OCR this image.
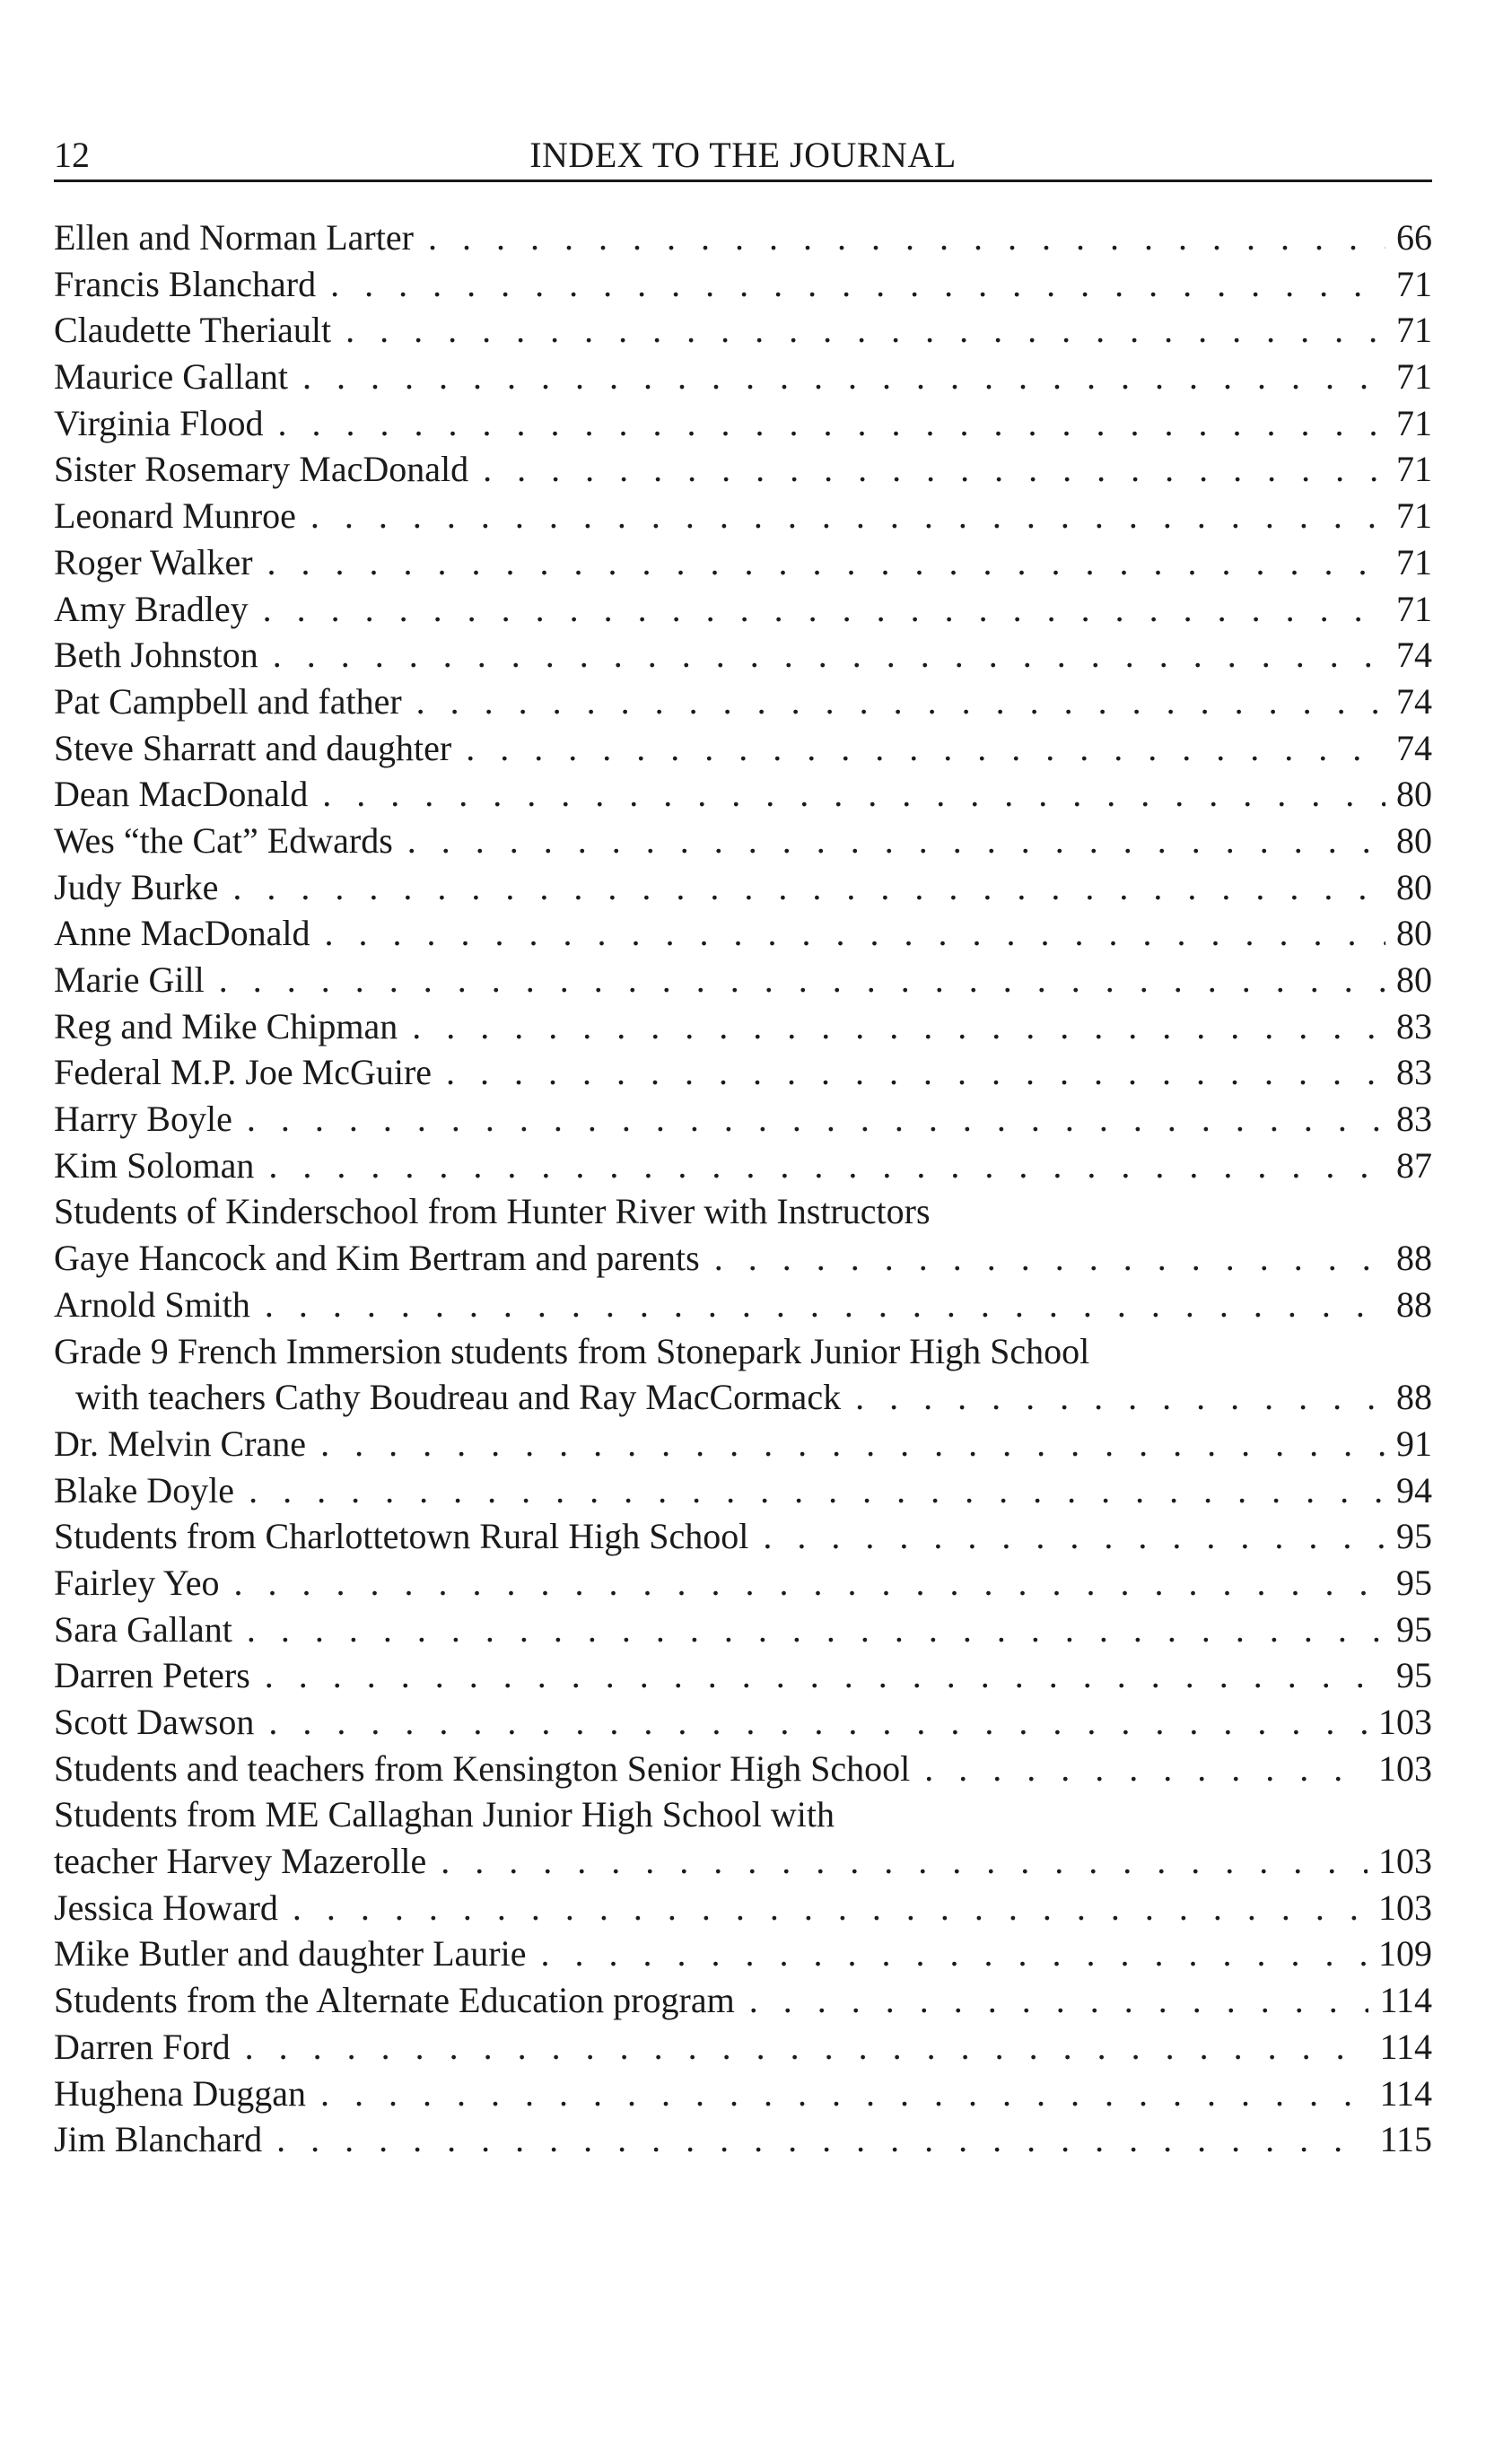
12	INDEX TO THE JOURNAL
Ellen and Norman Larter . . .	66
Francis Blanchard . . .	71
Claudette Theriault . . .	71
Maurice Gallant . . .	71
Virginia Flood . . .	71
Sister Rosemary MacDonald . . .	71
Leonard Munroe . . .	71
Roger Walker . . .	71
Amy Bradley . . .	71
Beth Johnston . . .	74
Pat Campbell and father . . .	74
Steve Sharratt and daughter . . .	74
Dean MacDonald . . .	80
Wes “the Cat” Edwards . . .	80
Judy Burke . . .	80
Anne MacDonald . . .	80
Marie Gill . . .	80
Reg and Mike Chipman . . .	83
Federal M.P. Joe McGuire . . .	83
Harry Boyle . . .	83
Kim Soloman . . .	87
Students of Kinderschool from Hunter River with Instructors
Gaye Hancock and Kim Bertram and parents . . .	88
Arnold Smith . . .	88
Grade 9 French Immersion students from Stonepark Junior High School
with teachers Cathy Boudreau and Ray MacCormack . . .	88
Dr. Melvin Crane . . .	91
Blake Doyle . . .	94
Students from Charlottetown Rural High School . . .	95
Fairley Yeo . . .	95
Sara Gallant . . .	95
Darren Peters . . .	95
Scott Dawson . . .	103
Students and teachers from Kensington Senior High School . . .	103
Students from ME Callaghan Junior High School with
teacher Harvey Mazerolle . . .	103
Jessica Howard . . .	103
Mike Butler and daughter Laurie . . .	109
Students from the Alternate Education program . . .	114
Darren Ford . . .	114
Hughena Duggan . . .	114
Jim Blanchard . . .	115
